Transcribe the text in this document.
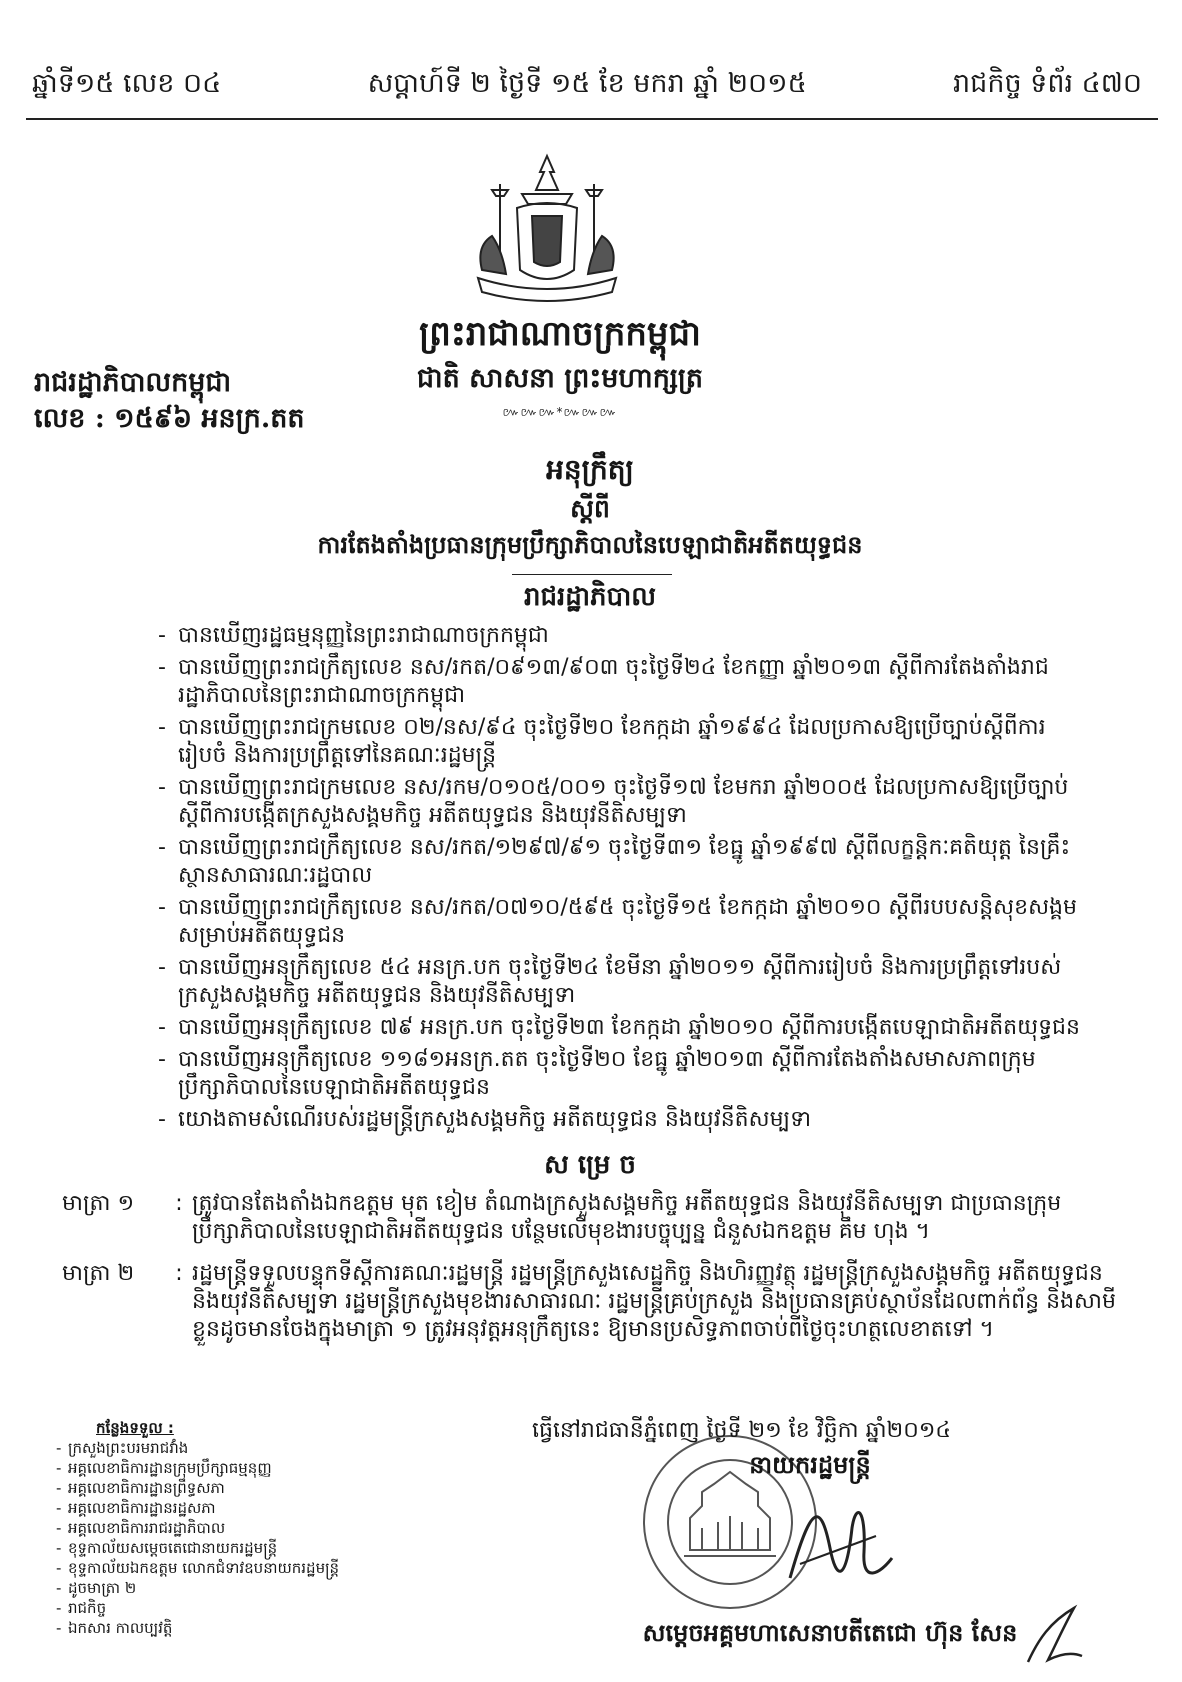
ឆ្នាំទី១៥ លេខ ០៤	សប្តាហ៍ទី ២ ថ្ងៃទី ១៥ ខែ មករា ឆ្នាំ ២០១៥	រាជកិច្ច ទំព័រ ៤៧០
ព្រះរាជាណាចក្រកម្ពុជា
ជាតិ សាសនា ព្រះមហាក្សត្រ
៚៚៚*៚៚៚
រាជរដ្ឋាភិបាលកម្ពុជា
លេខ : ១៥៩៦ អនក្រ.តត
អនុក្រឹត្យ
ស្តីពី
ការតែងតាំងប្រធានក្រុមប្រឹក្សាភិបាលនៃបេឡាជាតិអតីតយុទ្ធជន
រាជរដ្ឋាភិបាល
- បានឃើញរដ្ឋធម្មនុញ្ញនៃព្រះរាជាណាចក្រកម្ពុជា
- បានឃើញព្រះរាជក្រឹត្យលេខ នស/រកត/០៩១៣/៩០៣ ចុះថ្ងៃទី២៤ ខែកញ្ញា ឆ្នាំ២០១៣ ស្តីពីការតែងតាំងរាជរដ្ឋាភិបាលនៃព្រះរាជាណាចក្រកម្ពុជា
- បានឃើញព្រះរាជក្រមលេខ ០២/នស/៩៤ ចុះថ្ងៃទី២០ ខែកក្កដា ឆ្នាំ១៩៩៤ ដែលប្រកាសឱ្យប្រើច្បាប់ស្តីពីការរៀបចំ និងការប្រព្រឹត្តទៅនៃគណៈរដ្ឋមន្ត្រី
- បានឃើញព្រះរាជក្រមលេខ នស/រកម/០១០៥/០០១ ចុះថ្ងៃទី១៧ ខែមករា ឆ្នាំ២០០៥ ដែលប្រកាសឱ្យប្រើច្បាប់ស្តីពីការបង្កើតក្រសួងសង្គមកិច្ច អតីតយុទ្ធជន និងយុវនីតិសម្បទា
- បានឃើញព្រះរាជក្រឹត្យលេខ នស/រកត/១២៩៧/៩១ ចុះថ្ងៃទី៣១ ខែធ្នូ ឆ្នាំ១៩៩៧ ស្តីពីលក្ខន្តិកៈគតិយុត្ត នៃគ្រឹះស្ថានសាធារណៈរដ្ឋបាល
- បានឃើញព្រះរាជក្រឹត្យលេខ នស/រកត/០៧១០/៥៩៥ ចុះថ្ងៃទី១៥ ខែកក្កដា ឆ្នាំ២០១០ ស្តីពីរបបសន្តិសុខសង្គមសម្រាប់អតីតយុទ្ធជន
- បានឃើញអនុក្រឹត្យលេខ ៥៤ អនក្រ.បក ចុះថ្ងៃទី២៤ ខែមីនា ឆ្នាំ២០១១ ស្តីពីការរៀបចំ និងការប្រព្រឹត្តទៅរបស់ក្រសួងសង្គមកិច្ច អតីតយុទ្ធជន និងយុវនីតិសម្បទា
- បានឃើញអនុក្រឹត្យលេខ ៧៩ អនក្រ.បក ចុះថ្ងៃទី២៣ ខែកក្កដា ឆ្នាំ២០១០ ស្តីពីការបង្កើតបេឡាជាតិអតីតយុទ្ធជន
- បានឃើញអនុក្រឹត្យលេខ ១១៨១អនក្រ.តត ចុះថ្ងៃទី២០ ខែធ្នូ ឆ្នាំ២០១៣ ស្តីពីការតែងតាំងសមាសភាពក្រុមប្រឹក្សាភិបាលនៃបេឡាជាតិអតីតយុទ្ធជន
- យោងតាមសំណើរបស់រដ្ឋមន្ត្រីក្រសួងសង្គមកិច្ច អតីតយុទ្ធជន និងយុវនីតិសម្បទា
ស ម្រេ ច
មាត្រា ១	: ត្រូវបានតែងតាំងឯកឧត្តម មុត ខៀម តំណាងក្រសួងសង្គមកិច្ច អតីតយុទ្ធជន និងយុវនីតិសម្បទា ជាប្រធានក្រុមប្រឹក្សាភិបាលនៃបេឡាជាតិអតីតយុទ្ធជន បន្ថែមលើមុខងារបច្ចុប្បន្ន ជំនួសឯកឧត្តម គឹម ហុង ។
មាត្រា ២	: រដ្ឋមន្ត្រីទទួលបន្ទុកទីស្តីការគណៈរដ្ឋមន្ត្រី រដ្ឋមន្ត្រីក្រសួងសេដ្ឋកិច្ច និងហិរញ្ញវត្ថុ រដ្ឋមន្ត្រីក្រសួងសង្គមកិច្ច អតីតយុទ្ធជន និងយុវនីតិសម្បទា រដ្ឋមន្ត្រីក្រសួងមុខងារសាធារណៈ រដ្ឋមន្ត្រីគ្រប់ក្រសួង និងប្រធានគ្រប់ស្ថាប័នដែលពាក់ព័ន្ធ និងសាមីខ្លួនដូចមានចែងក្នុងមាត្រា ១ ត្រូវអនុវត្តអនុក្រឹត្យនេះ ឱ្យមានប្រសិទ្ធភាពចាប់ពីថ្ងៃចុះហត្ថលេខាតទៅ ។
កន្លែងទទួល :
- ក្រសួងព្រះបរមរាជវាំង
- អគ្គលេខាធិការដ្ឋានក្រុមប្រឹក្សាធម្មនុញ្ញ
- អគ្គលេខាធិការដ្ឋានព្រឹទ្ធសភា
- អគ្គលេខាធិការដ្ឋានរដ្ឋសភា
- អគ្គលេខាធិការរាជរដ្ឋាភិបាល
- ខុទ្ទកាល័យសម្តេចតេជោនាយករដ្ឋមន្ត្រី
- ខុទ្ទកាល័យឯកឧត្តម លោកជំទាវឧបនាយករដ្ឋមន្ត្រី
- ដូចមាត្រា ២
- រាជកិច្ច
- ឯកសារ កាលប្បវត្តិ
ធ្វើនៅរាជធានីភ្នំពេញ ថ្ងៃទី ២១ ខែ វិច្ឆិកា ឆ្នាំ២០១៤
នាយករដ្ឋមន្ត្រី
សម្តេចអគ្គមហាសេនាបតីតេជោ ហ៊ុន សែន
